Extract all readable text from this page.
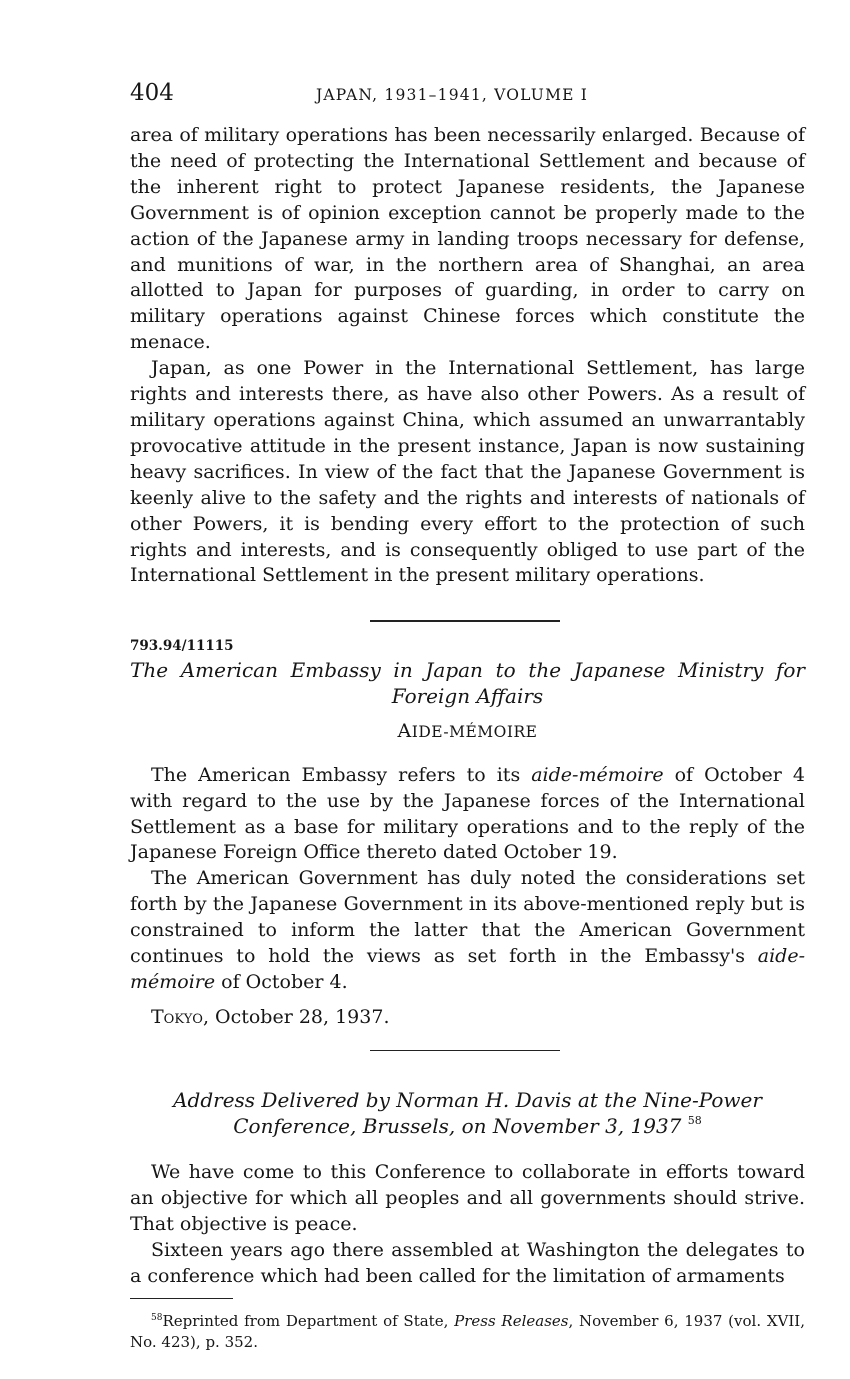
404	JAPAN, 1931–1941, VOLUME I

area of military operations has been necessarily enlarged. Because of the need of protecting the International Settlement and because of the inherent right to protect Japanese residents, the Japanese Government is of opinion exception cannot be properly made to the action of the Japanese army in landing troops necessary for defense, and munitions of war, in the northern area of Shanghai, an area allotted to Japan for purposes of guarding, in order to carry on military operations against Chinese forces which constitute the menace.

Japan, as one Power in the International Settlement, has large rights and interests there, as have also other Powers. As a result of military operations against China, which assumed an unwarrantably provocative attitude in the present instance, Japan is now sustaining heavy sacrifices. In view of the fact that the Japanese Government is keenly alive to the safety and the rights and interests of nationals of other Powers, it is bending every effort to the protection of such rights and interests, and is consequently obliged to use part of the International Settlement in the present military operations.

793.94/11115
The American Embassy in Japan to the Japanese Ministry for Foreign Affairs
AIDE-MÉMOIRE

The American Embassy refers to its aide-mémoire of October 4 with regard to the use by the Japanese forces of the International Settlement as a base for military operations and to the reply of the Japanese Foreign Office thereto dated October 19.

The American Government has duly noted the considerations set forth by the Japanese Government in its above-mentioned reply but is constrained to inform the latter that the American Government continues to hold the views as set forth in the Embassy's aide-mémoire of October 4.

Tokyo, October 28, 1937.

Address Delivered by Norman H. Davis at the Nine-Power Conference, Brussels, on November 3, 1937 $^{58}$

We have come to this Conference to collaborate in efforts toward an objective for which all peoples and all governments should strive. That objective is peace.

Sixteen years ago there assembled at Washington the delegates to a conference which had been called for the limitation of armaments

$^{58}$Reprinted from Department of State, Press Releases, November 6, 1937 (vol. XVII, No. 423), p. 352.
